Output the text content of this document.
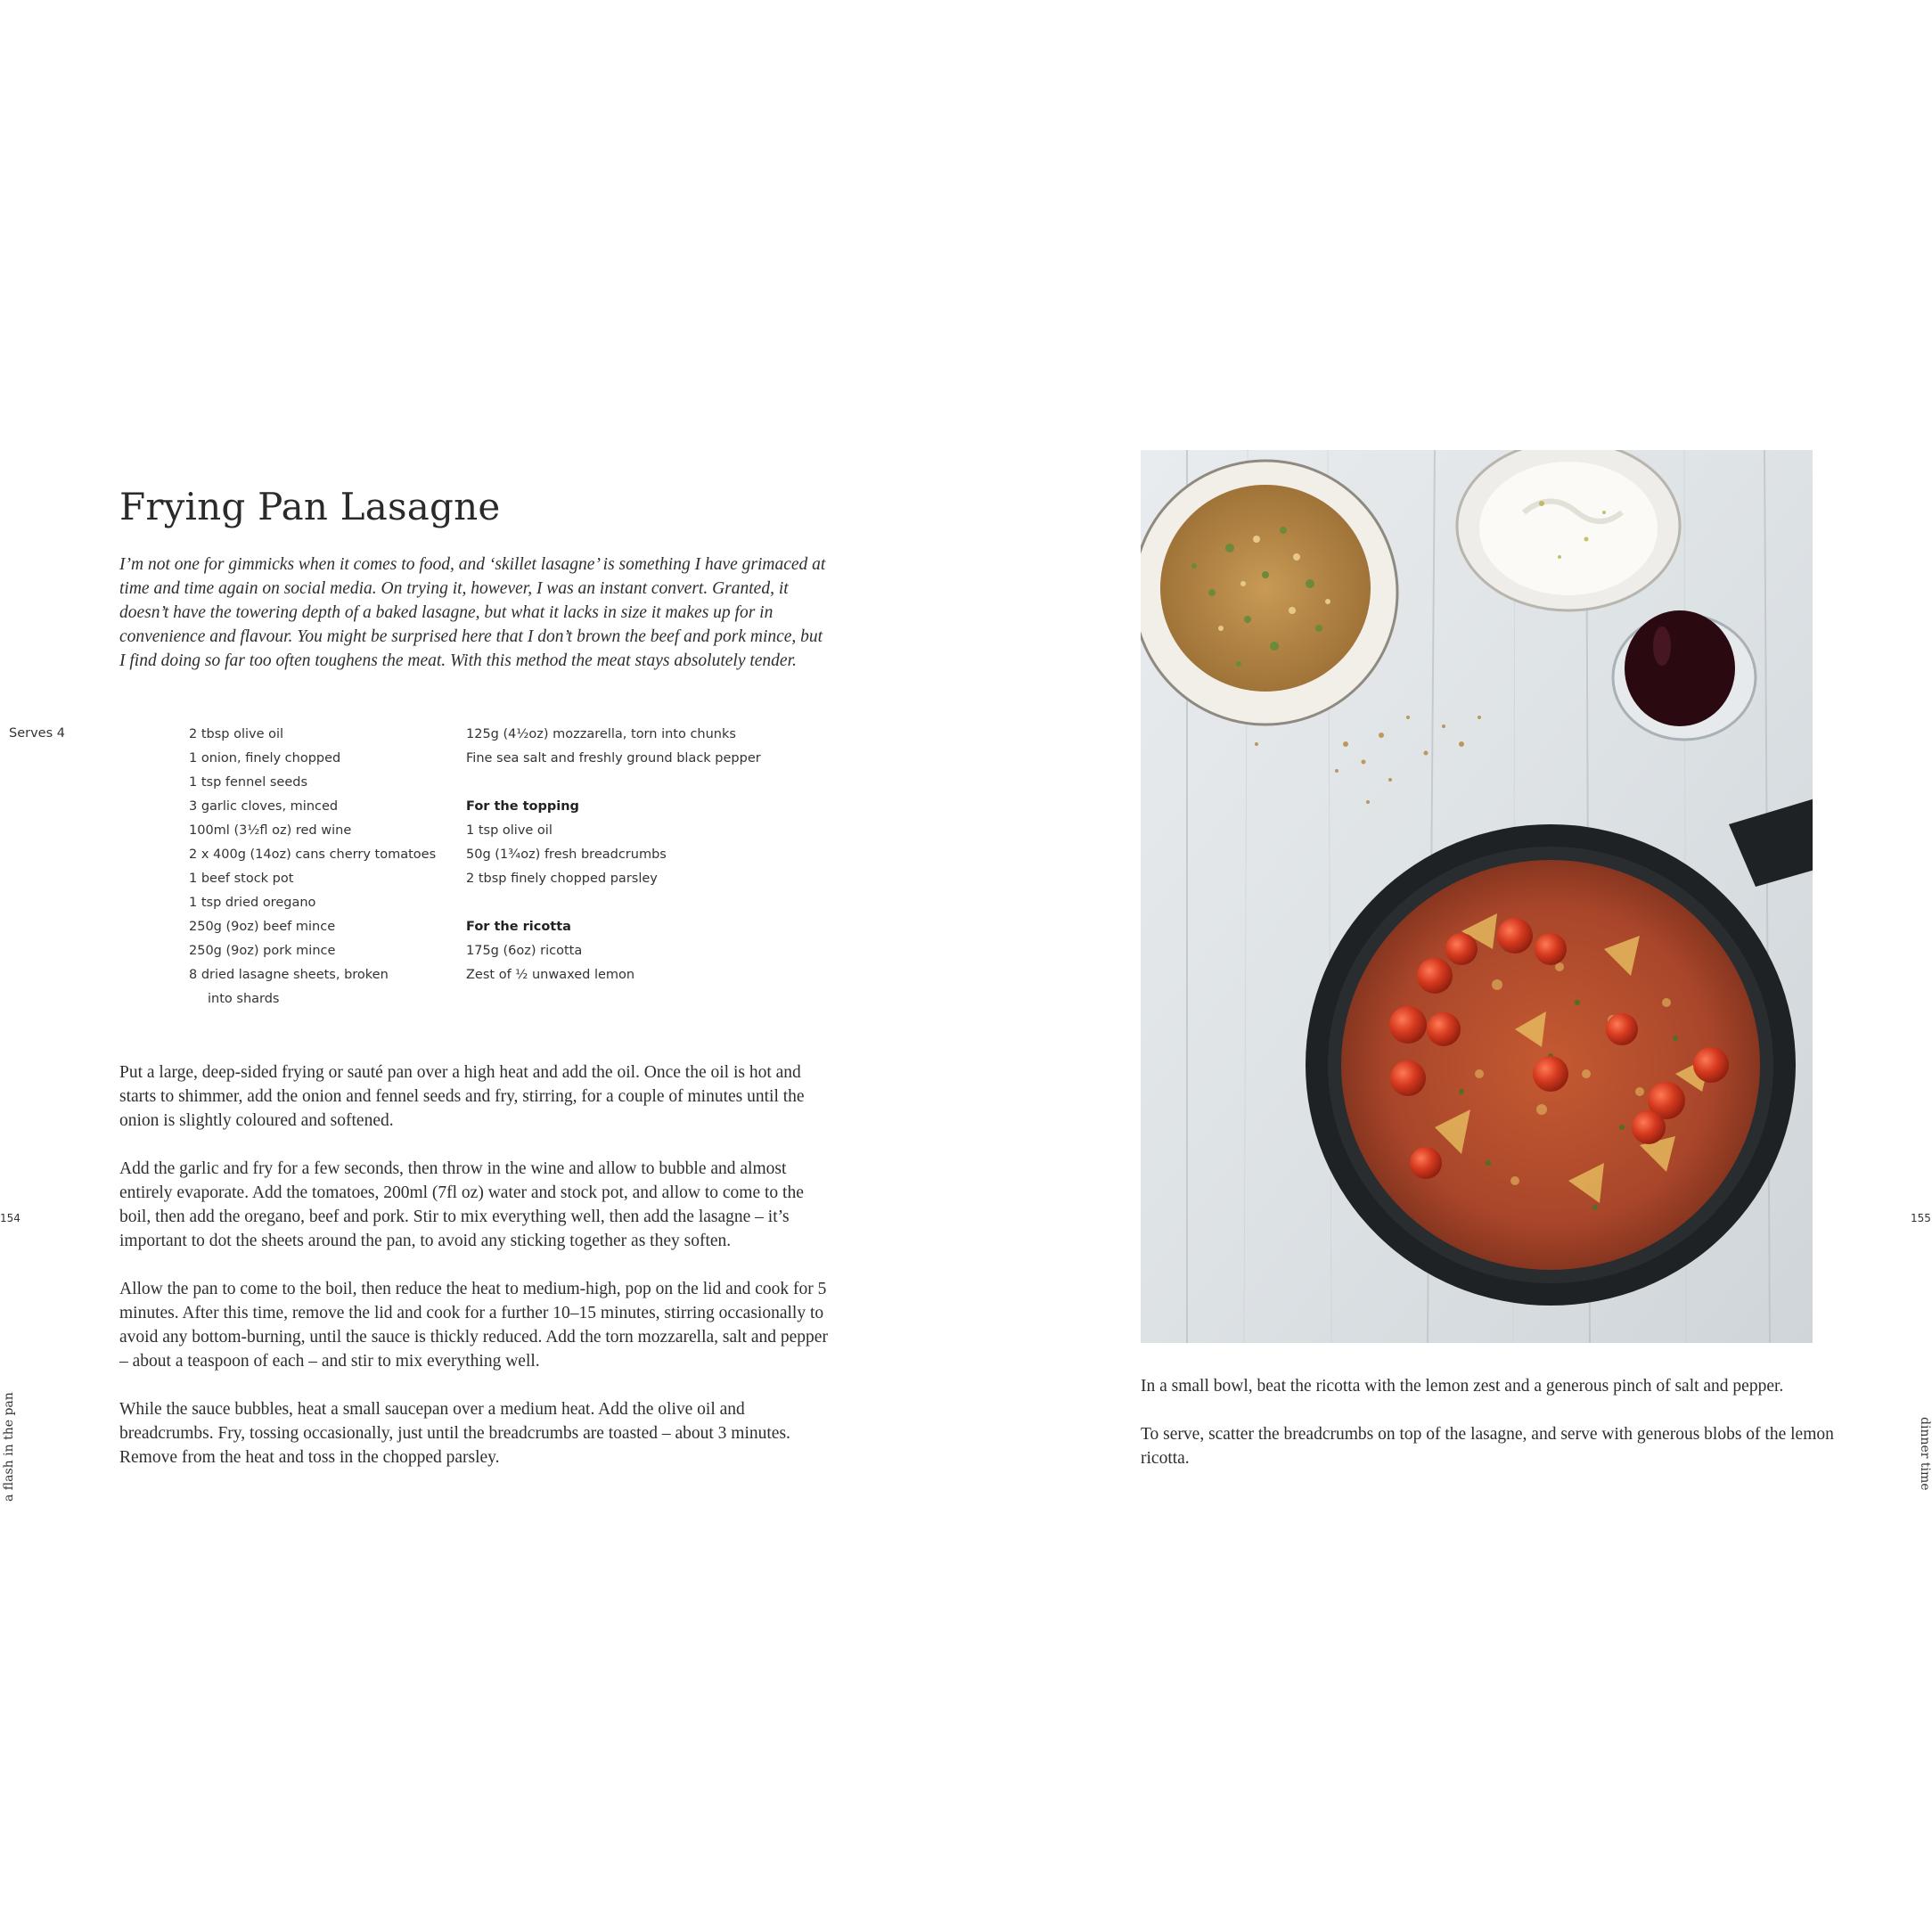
Frying Pan Lasagne

I’m not one for gimmicks when it comes to food, and ‘skillet lasagne’ is something I have grimaced at time and time again on social media. On trying it, however, I was an instant convert. Granted, it doesn’t have the towering depth of a baked lasagne, but what it lacks in size it makes up for in convenience and flavour. You might be surprised here that I don’t brown the beef and pork mince, but I find doing so far too often toughens the meat. With this method the meat stays absolutely tender.

Serves 4	2 tbsp olive oil
1 onion, finely chopped
1 tsp fennel seeds
3 garlic cloves, minced
100ml (3½fl oz) red wine
2 x 400g (14oz) cans cherry tomatoes
1 beef stock pot
1 tsp dried oregano
250g (9oz) beef mince
250g (9oz) pork mince
8 dried lasagne sheets, broken
into shards
125g (4½oz) mozzarella, torn into chunks
Fine sea salt and freshly ground black pepper
For the topping
1 tsp olive oil
50g (1¾oz) fresh breadcrumbs
2 tbsp finely chopped parsley
For the ricotta
175g (6oz) ricotta
Zest of ½ unwaxed lemon

Put a large, deep-sided frying or sauté pan over a high heat and add the oil. Once the oil is hot and starts to shimmer, add the onion and fennel seeds and fry, stirring, for a couple of minutes until the onion is slightly coloured and softened.

Add the garlic and fry for a few seconds, then throw in the wine and allow to bubble and almost entirely evaporate. Add the tomatoes, 200ml (7fl oz) water and stock pot, and allow to come to the boil, then add the oregano, beef and pork. Stir to mix everything well, then add the lasagne – it’s important to dot the sheets around the pan, to avoid any sticking together as they soften.

Allow the pan to come to the boil, then reduce the heat to medium-high, pop on the lid and cook for 5 minutes. After this time, remove the lid and cook for a further 10–15 minutes, stirring occasionally to avoid any bottom-burning, until the sauce is thickly reduced. Add the torn mozzarella, salt and pepper – about a teaspoon of each – and stir to mix everything well.

While the sauce bubbles, heat a small saucepan over a medium heat. Add the olive oil and breadcrumbs. Fry, tossing occasionally, just until the breadcrumbs are toasted – about 3 minutes. Remove from the heat and toss in the chopped parsley.

154
a flash in the pan

In a small bowl, beat the ricotta with the lemon zest and a generous pinch of salt and pepper.

To serve, scatter the breadcrumbs on top of the lasagne, and serve with generous blobs of the lemon ricotta.

155
dinner time
